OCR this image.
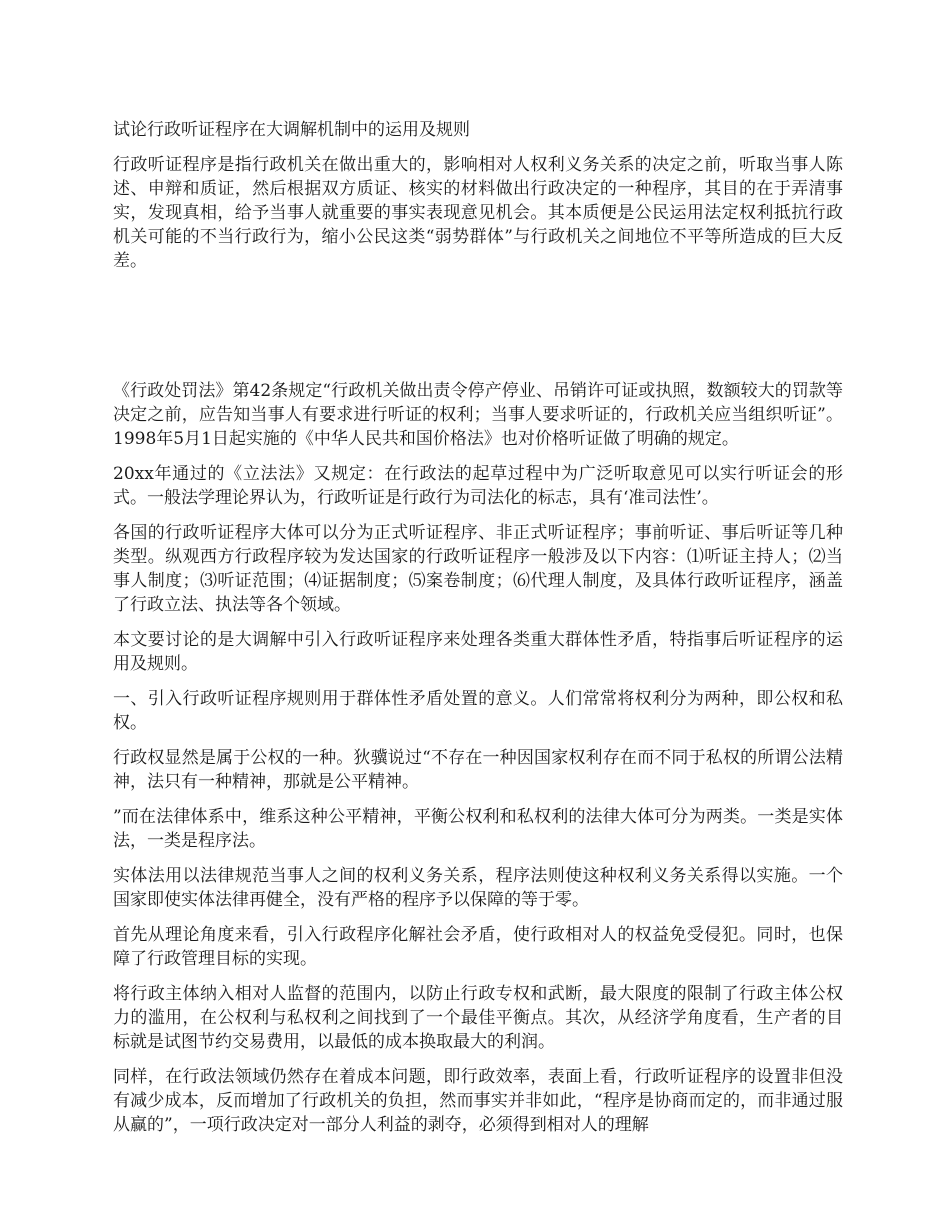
试论行政听证程序在大调解机制中的运用及规则

行政听证程序是指行政机关在做出重大的，影响相对人权利义务关系的决定之前，听取当事人陈述、申辩和质证，然后根据双方质证、核实的材料做出行政决定的一种程序，其目的在于弄清事实，发现真相，给予当事人就重要的事实表现意见机会。其本质便是公民运用法定权利抵抗行政机关可能的不当行政行为，缩小公民这类“弱势群体”与行政机关之间地位不平等所造成的巨大反差。

《行政处罚法》第42条规定“行政机关做出责令停产停业、吊销许可证或执照，数额较大的罚款等决定之前，应告知当事人有要求进行听证的权利；当事人要求听证的，行政机关应当组织听证”。1998年5月1日起实施的《中华人民共和国价格法》也对价格听证做了明确的规定。

20xx年通过的《立法法》又规定：在行政法的起草过程中为广泛听取意见可以实行听证会的形式。一般法学理论界认为，行政听证是行政行为司法化的标志，具有‘准司法性’。

各国的行政听证程序大体可以分为正式听证程序、非正式听证程序；事前听证、事后听证等几种类型。纵观西方行政程序较为发达国家的行政听证程序一般涉及以下内容：⑴听证主持人；⑵当事人制度；⑶听证范围；⑷证据制度；⑸案卷制度；⑹代理人制度，及具体行政听证程序，涵盖了行政立法、执法等各个领域。

本文要讨论的是大调解中引入行政听证程序来处理各类重大群体性矛盾，特指事后听证程序的运用及规则。

一、引入行政听证程序规则用于群体性矛盾处置的意义。人们常常将权利分为两种，即公权和私权。

行政权显然是属于公权的一种。狄骥说过“不存在一种因国家权利存在而不同于私权的所谓公法精神，法只有一种精神，那就是公平精神。

”而在法律体系中，维系这种公平精神，平衡公权利和私权利的法律大体可分为两类。一类是实体法，一类是程序法。

实体法用以法律规范当事人之间的权利义务关系，程序法则使这种权利义务关系得以实施。一个国家即使实体法律再健全，没有严格的程序予以保障的等于零。

首先从理论角度来看，引入行政程序化解社会矛盾，使行政相对人的权益免受侵犯。同时，也保障了行政管理目标的实现。

将行政主体纳入相对人监督的范围内，以防止行政专权和武断，最大限度的限制了行政主体公权力的滥用，在公权利与私权利之间找到了一个最佳平衡点。其次，从经济学角度看，生产者的目标就是试图节约交易费用，以最低的成本换取最大的利润。

同样，在行政法领域仍然存在着成本问题，即行政效率，表面上看，行政听证程序的设置非但没有减少成本，反而增加了行政机关的负担，然而事实并非如此，“程序是协商而定的，而非通过服从赢的”，一项行政决定对一部分人利益的剥夺，必须得到相对人的理解
